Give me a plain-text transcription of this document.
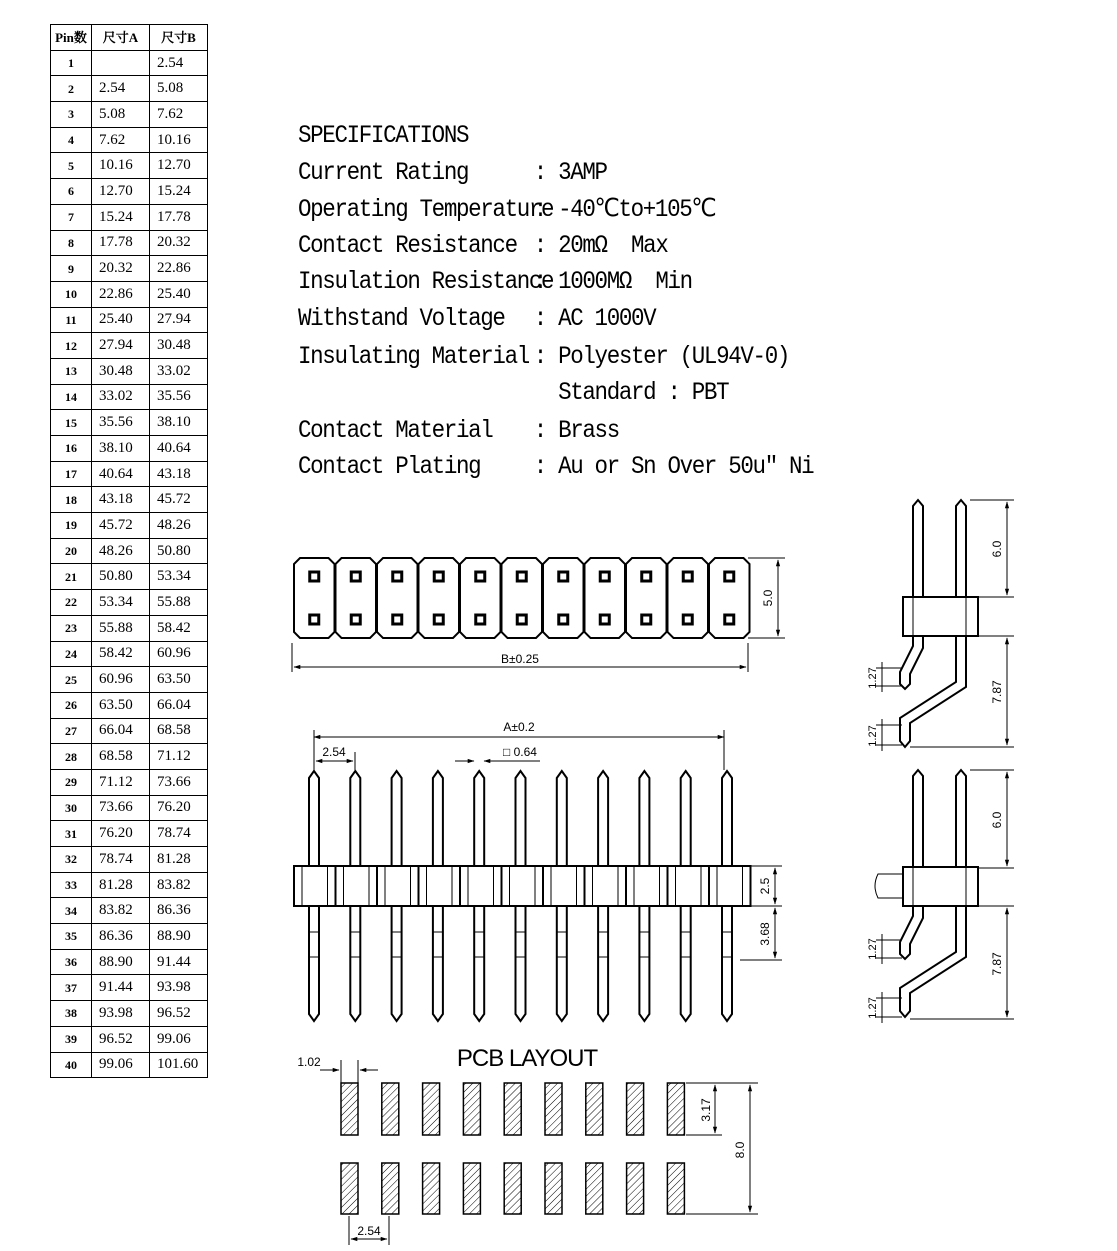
Pin数	尺寸A	尺寸B
1		2.54
2	2.54	5.08
3	5.08	7.62
4	7.62	10.16
5	10.16	12.70
6	12.70	15.24
7	15.24	17.78
8	17.78	20.32
9	20.32	22.86
10	22.86	25.40
11	25.40	27.94
12	27.94	30.48
13	30.48	33.02
14	33.02	35.56
15	35.56	38.10
16	38.10	40.64
17	40.64	43.18
18	43.18	45.72
19	45.72	48.26
20	48.26	50.80
21	50.80	53.34
22	53.34	55.88
23	55.88	58.42
24	58.42	60.96
25	60.96	63.50
26	63.50	66.04
27	66.04	68.58
28	68.58	71.12
29	71.12	73.66
30	73.66	76.20
31	76.20	78.74
32	78.74	81.28
33	81.28	83.82
34	83.82	86.36
35	86.36	88.90
36	88.90	91.44
37	91.44	93.98
38	93.98	96.52
39	96.52	99.06
40	99.06	101.60
SPECIFICATIONS
Current Rating	: 3AMP
Operating Temperature: -40℃to+105℃
Contact Resistance : 20mΩ  Max
Insulation Resistance: 1000MΩ  Min
Withstand Voltage : AC 1000V
Insulating Material : Polyester (UL94V-0)
Standard : PBT
Contact Material : Brass
Contact Plating : Au or Sn Over 50u″ Ni
B±0.25
5.0
A±0.2
2.54	□ 0.64
2.5
3.68
6.0
7.87
1.27
1.27
6.0
7.87
1.27
1.27
PCB LAYOUT
1.02
3.17
8.0
2.54
